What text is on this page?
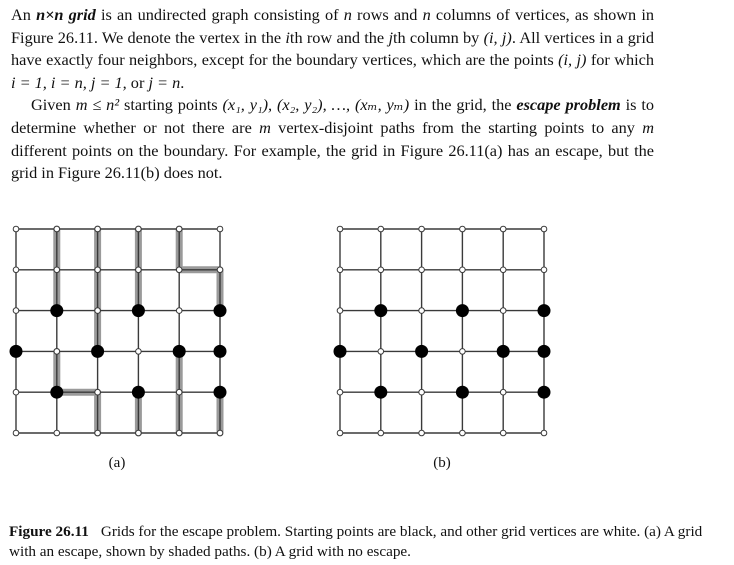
An n×n grid is an undirected graph consisting of n rows and n columns of vertices, as shown in Figure 26.11. We denote the vertex in the ith row and the jth column by (i, j). All vertices in a grid have exactly four neighbors, except for the boundary vertices, which are the points (i, j) for which i = 1, i = n, j = 1, or j = n.

Given m ≤ n² starting points (x₁, y₁), (x₂, y₂), …, (xₘ, yₘ) in the grid, the escape problem is to determine whether or not there are m vertex-disjoint paths from the starting points to any m different points on the boundary. For example, the grid in Figure 26.11(a) has an escape, but the grid in Figure 26.11(b) does not.

(a)	(b)
Figure 26.11 Grids for the escape problem. Starting points are black, and other grid vertices are white. (a) A grid with an escape, shown by shaded paths. (b) A grid with no escape.
